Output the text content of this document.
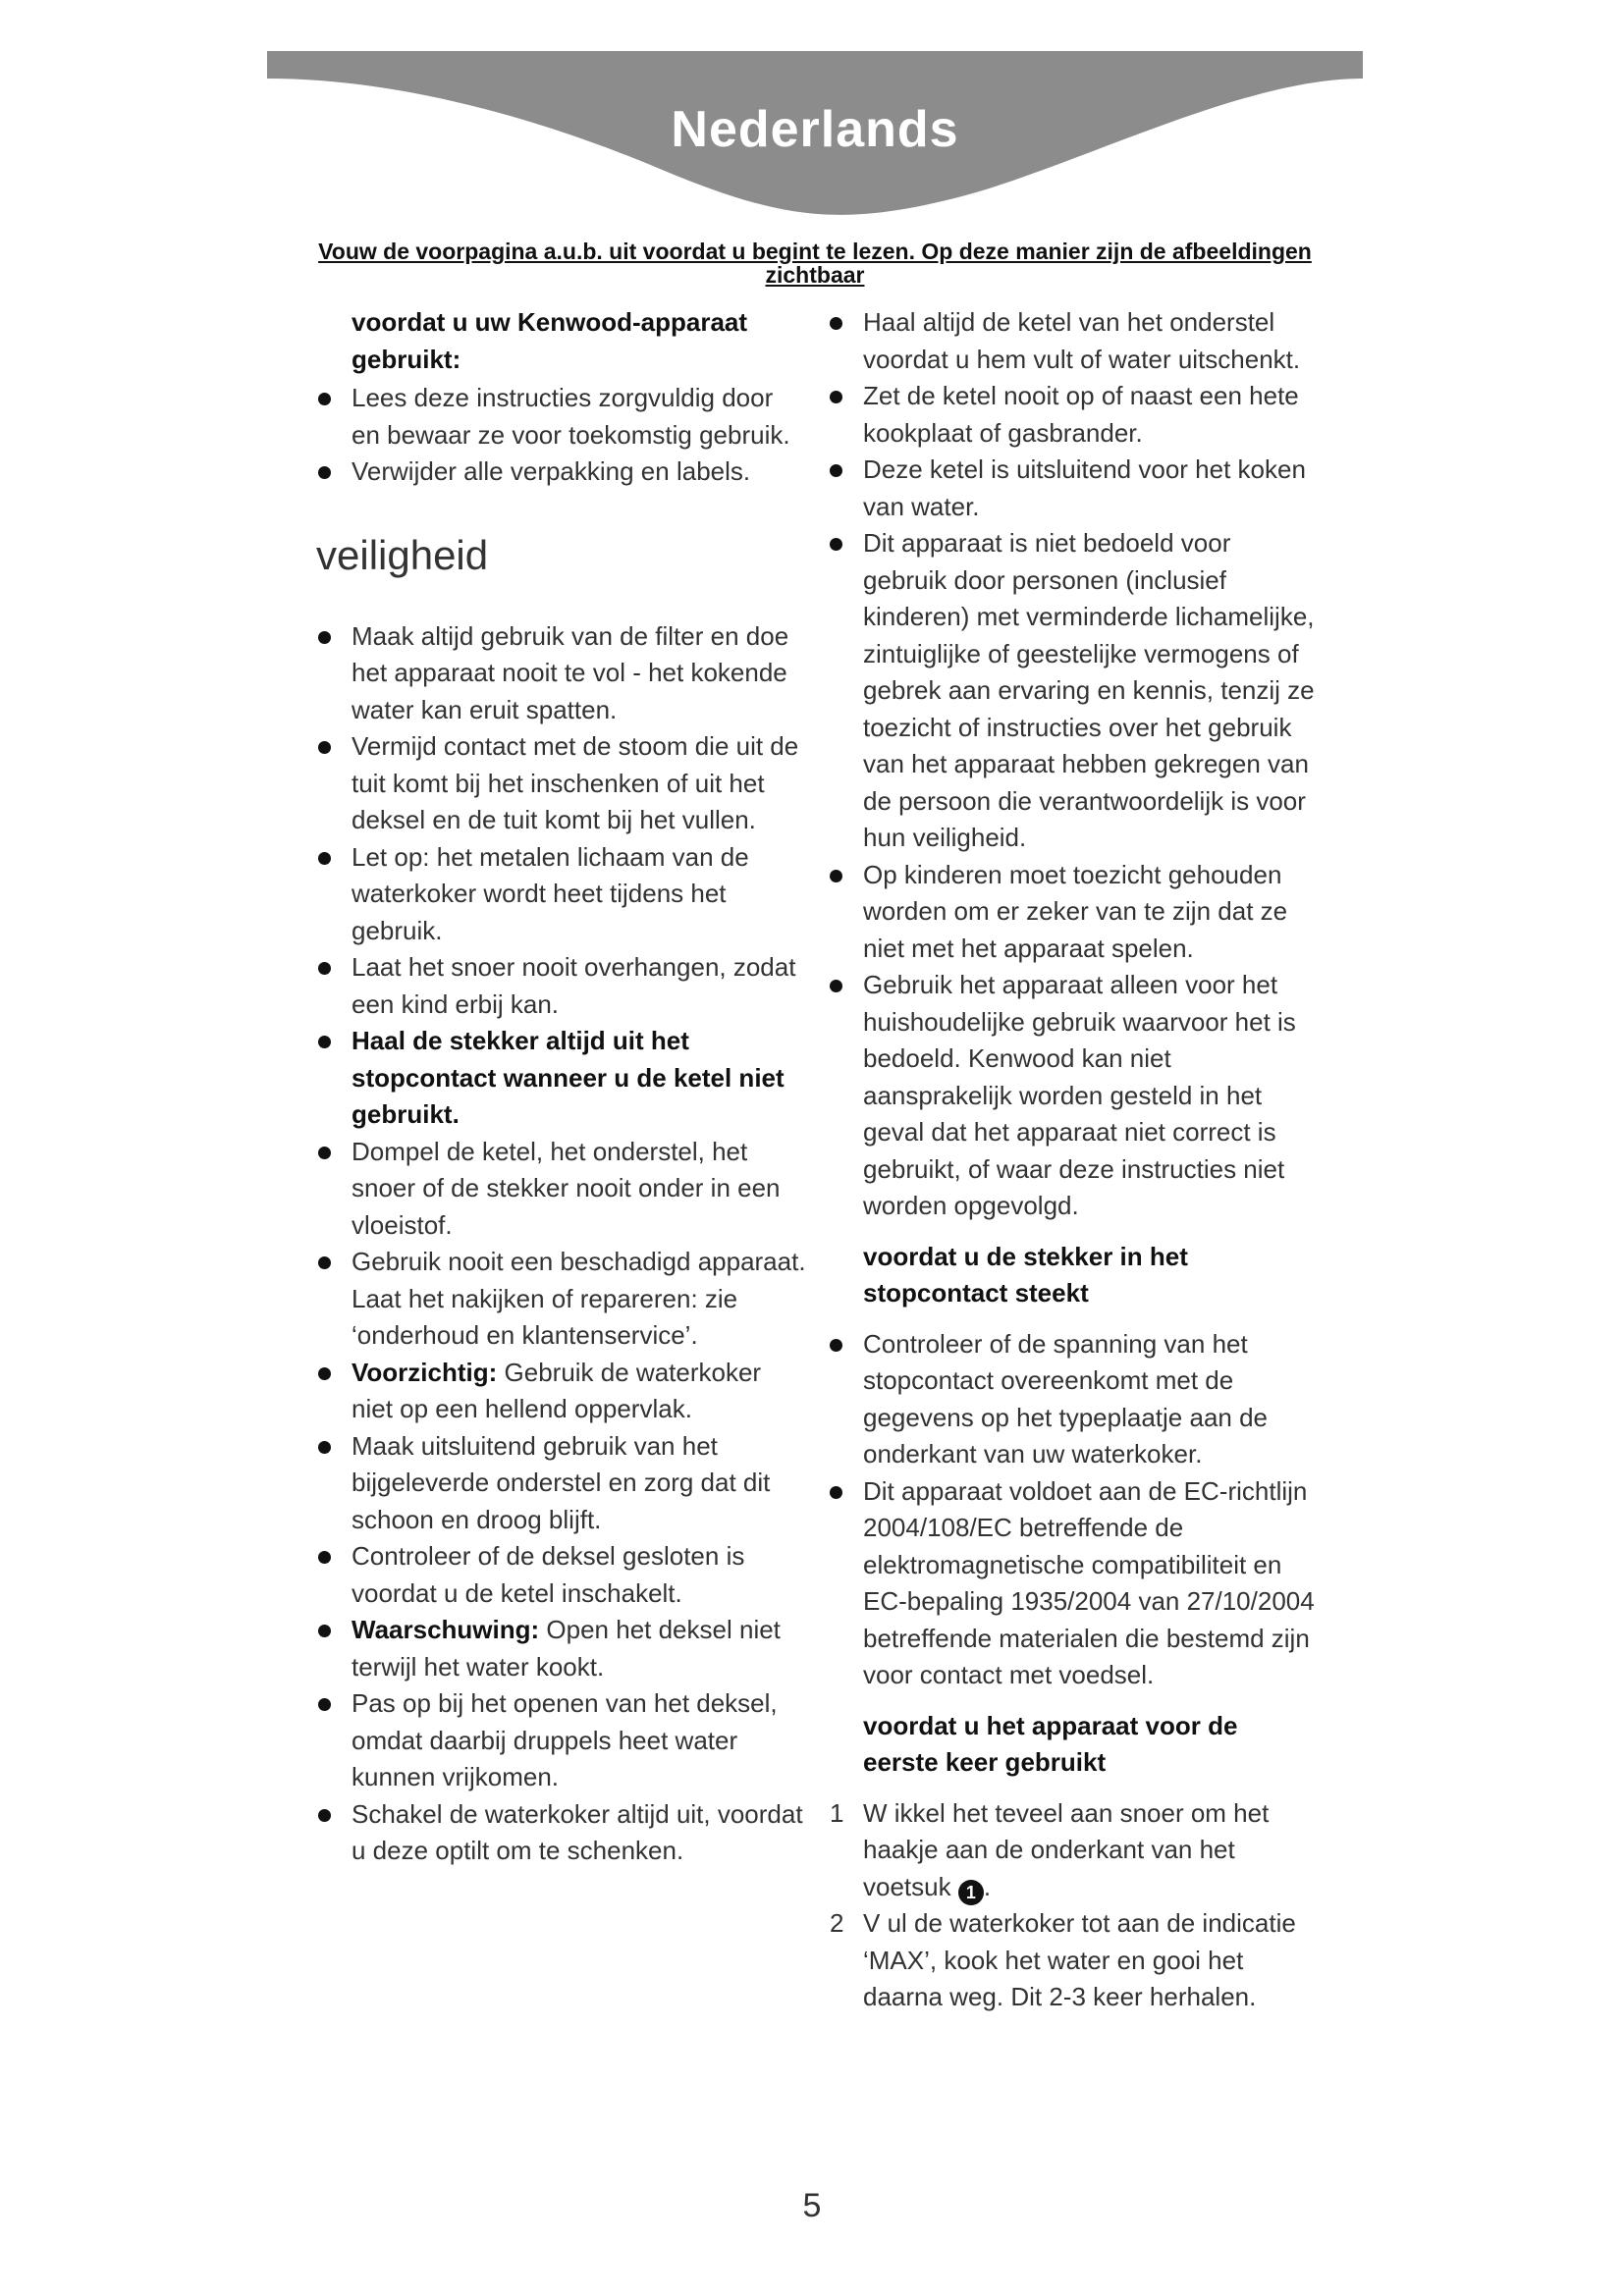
Nederlands
Vouw de voorpagina a.u.b. uit voordat u begint te lezen. Op deze manier zijn de afbeeldingen zichtbaar
voordat u uw Kenwood-apparaat gebruikt:
Lees deze instructies zorgvuldig door en bewaar ze voor toekomstig gebruik.
Verwijder alle verpakking en labels.
veiligheid
Maak altijd gebruik van de filter en doe het apparaat nooit te vol - het kokende water kan eruit spatten.
Vermijd contact met de stoom die uit de tuit komt bij het inschenken of uit het deksel en de tuit komt bij het vullen.
Let op: het metalen lichaam van de waterkoker wordt heet tijdens het gebruik.
Laat het snoer nooit overhangen, zodat een kind erbij kan.
Haal de stekker altijd uit het stopcontact wanneer u de ketel niet gebruikt.
Dompel de ketel, het onderstel, het snoer of de stekker nooit onder in een vloeistof.
Gebruik nooit een beschadigd apparaat. Laat het nakijken of repareren: zie ‘onderhoud en klantenservice’.
Voorzichtig: Gebruik de waterkoker niet op een hellend oppervlak.
Maak uitsluitend gebruik van het bijgeleverde onderstel en zorg dat dit schoon en droog blijft.
Controleer of de deksel gesloten is voordat u de ketel inschakelt.
Waarschuwing: Open het deksel niet terwijl het water kookt.
Pas op bij het openen van het deksel, omdat daarbij druppels heet water kunnen vrijkomen.
Schakel de waterkoker altijd uit, voordat u deze optilt om te schenken.
Haal altijd de ketel van het onderstel voordat u hem vult of water uitschenkt.
Zet de ketel nooit op of naast een hete kookplaat of gasbrander.
Deze ketel is uitsluitend voor het koken van water.
Dit apparaat is niet bedoeld voor gebruik door personen (inclusief kinderen) met verminderde lichamelijke, zintuiglijke of geestelijke vermogens of gebrek aan ervaring en kennis, tenzij ze toezicht of instructies over het gebruik van het apparaat hebben gekregen van de persoon die verantwoordelijk is voor hun veiligheid.
Op kinderen moet toezicht gehouden worden om er zeker van te zijn dat ze niet met het apparaat spelen.
Gebruik het apparaat alleen voor het huishoudelijke gebruik waarvoor het is bedoeld. Kenwood kan niet aansprakelijk worden gesteld in het geval dat het apparaat niet correct is gebruikt, of waar deze instructies niet worden opgevolgd.
voordat u de stekker in het stopcontact steekt
Controleer of de spanning van het stopcontact overeenkomt met de gegevens op het typeplaatje aan de onderkant van uw waterkoker.
Dit apparaat voldoet aan de EC-richtlijn 2004/108/EC betreffende de elektromagnetische compatibiliteit en EC-bepaling 1935/2004 van 27/10/2004 betreffende materialen die bestemd zijn voor contact met voedsel.
voordat u het apparaat voor de eerste keer gebruikt
1 W ikkel het teveel aan snoer om het haakje aan de onderkant van het voetsuk 1 .
2 V ul de waterkoker tot aan de indicatie ‘MAX’, kook het water en gooi het daarna weg. Dit 2-3 keer herhalen.
5
